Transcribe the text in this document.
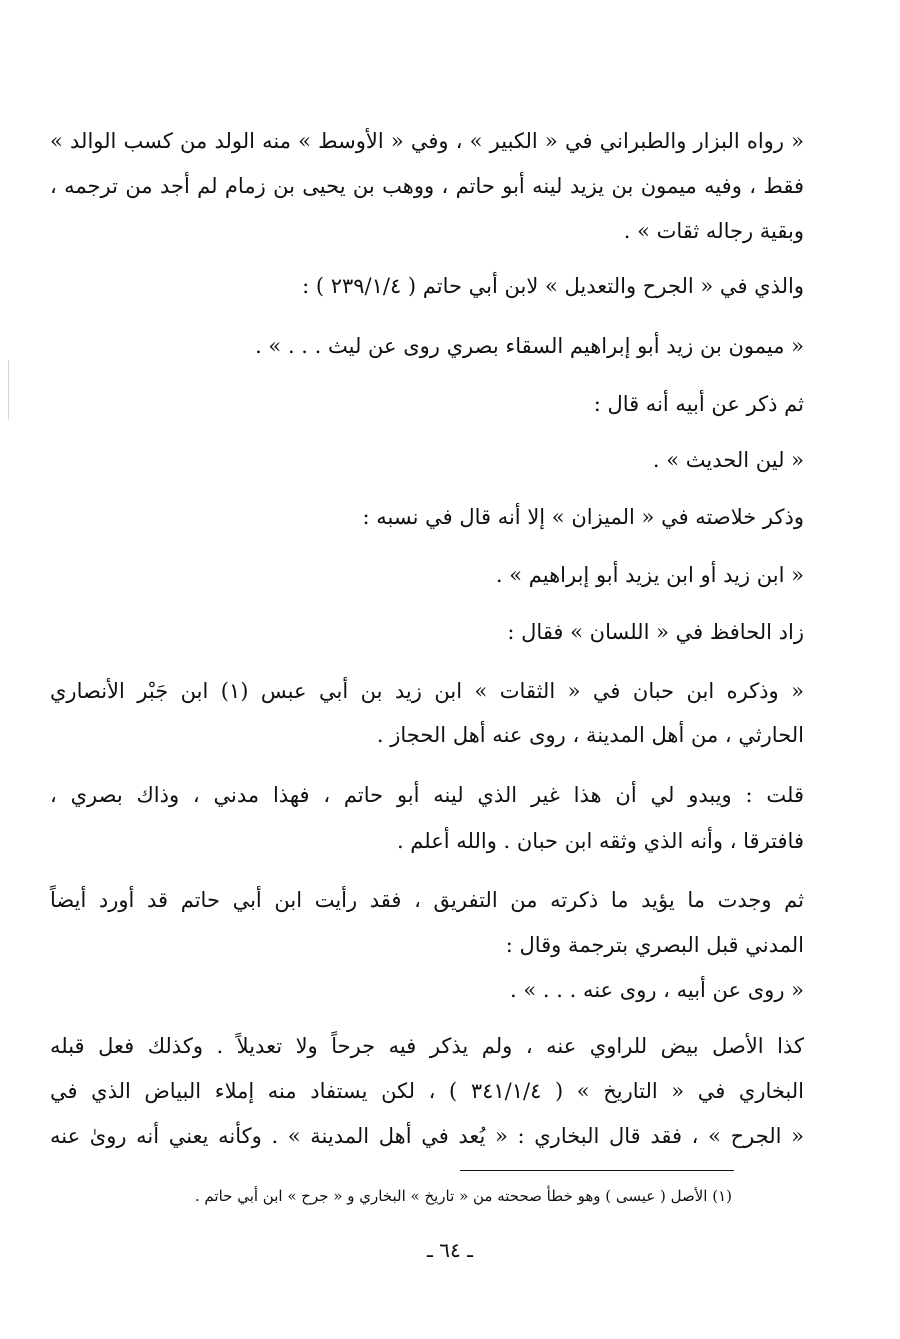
« رواه البزار والطبراني في « الكبير » ، وفي « الأوسط » منه الولد من كسب الوالد »
فقط ، وفيه ميمون بن يزيد لينه أبو حاتم ، ووهب بن يحيى بن زمام لم أجد من ترجمه ،
وبقية رجاله ثقات » .
والذي في « الجرح والتعديل » لابن أبي حاتم ( ٢٣٩/١/٤ ) :
« ميمون بن زيد أبو إبراهيم السقاء بصري روى عن ليث . . . » .
ثم ذكر عن أبيه أنه قال :
« لين الحديث » .
وذكر خلاصته في « الميزان » إلا أنه قال في نسبه :
« ابن زيد أو ابن يزيد أبو إبراهيم » .
زاد الحافظ في « اللسان » فقال :
« وذكره ابن حبان في « الثقات » ابن زيد بن أبي عبس (١) ابن جَبْر الأنصاري
الحارثي ، من أهل المدينة ، روى عنه أهل الحجاز .
قلت : ويبدو لي أن هذا غير الذي لينه أبو حاتم ، فهذا مدني ، وذاك بصري ،
فافترقا ، وأنه الذي وثقه ابن حبان . والله أعلم .
ثم وجدت ما يؤيد ما ذكرته من التفريق ، فقد رأيت ابن أبي حاتم قد أورد أيضاً
المدني قبل البصري بترجمة وقال :
« روى عن أبيه ، روى عنه . . . » .
كذا الأصل بيض للراوي عنه ، ولم يذكر فيه جرحاً ولا تعديلاً . وكذلك فعل قبله
البخاري في « التاريخ » ( ٣٤١/١/٤ ) ، لكن يستفاد منه إملاء البياض الذي في
« الجرح » ، فقد قال البخاري : « يُعد في أهل المدينة » . وكأنه يعني أنه روىٰ عنه
(١) الأصل ( عيسى ) وهو خطأ صححته من « تاريخ » البخاري و « جرح » ابن أبي حاتم .
ـ ٦٤ ـ
